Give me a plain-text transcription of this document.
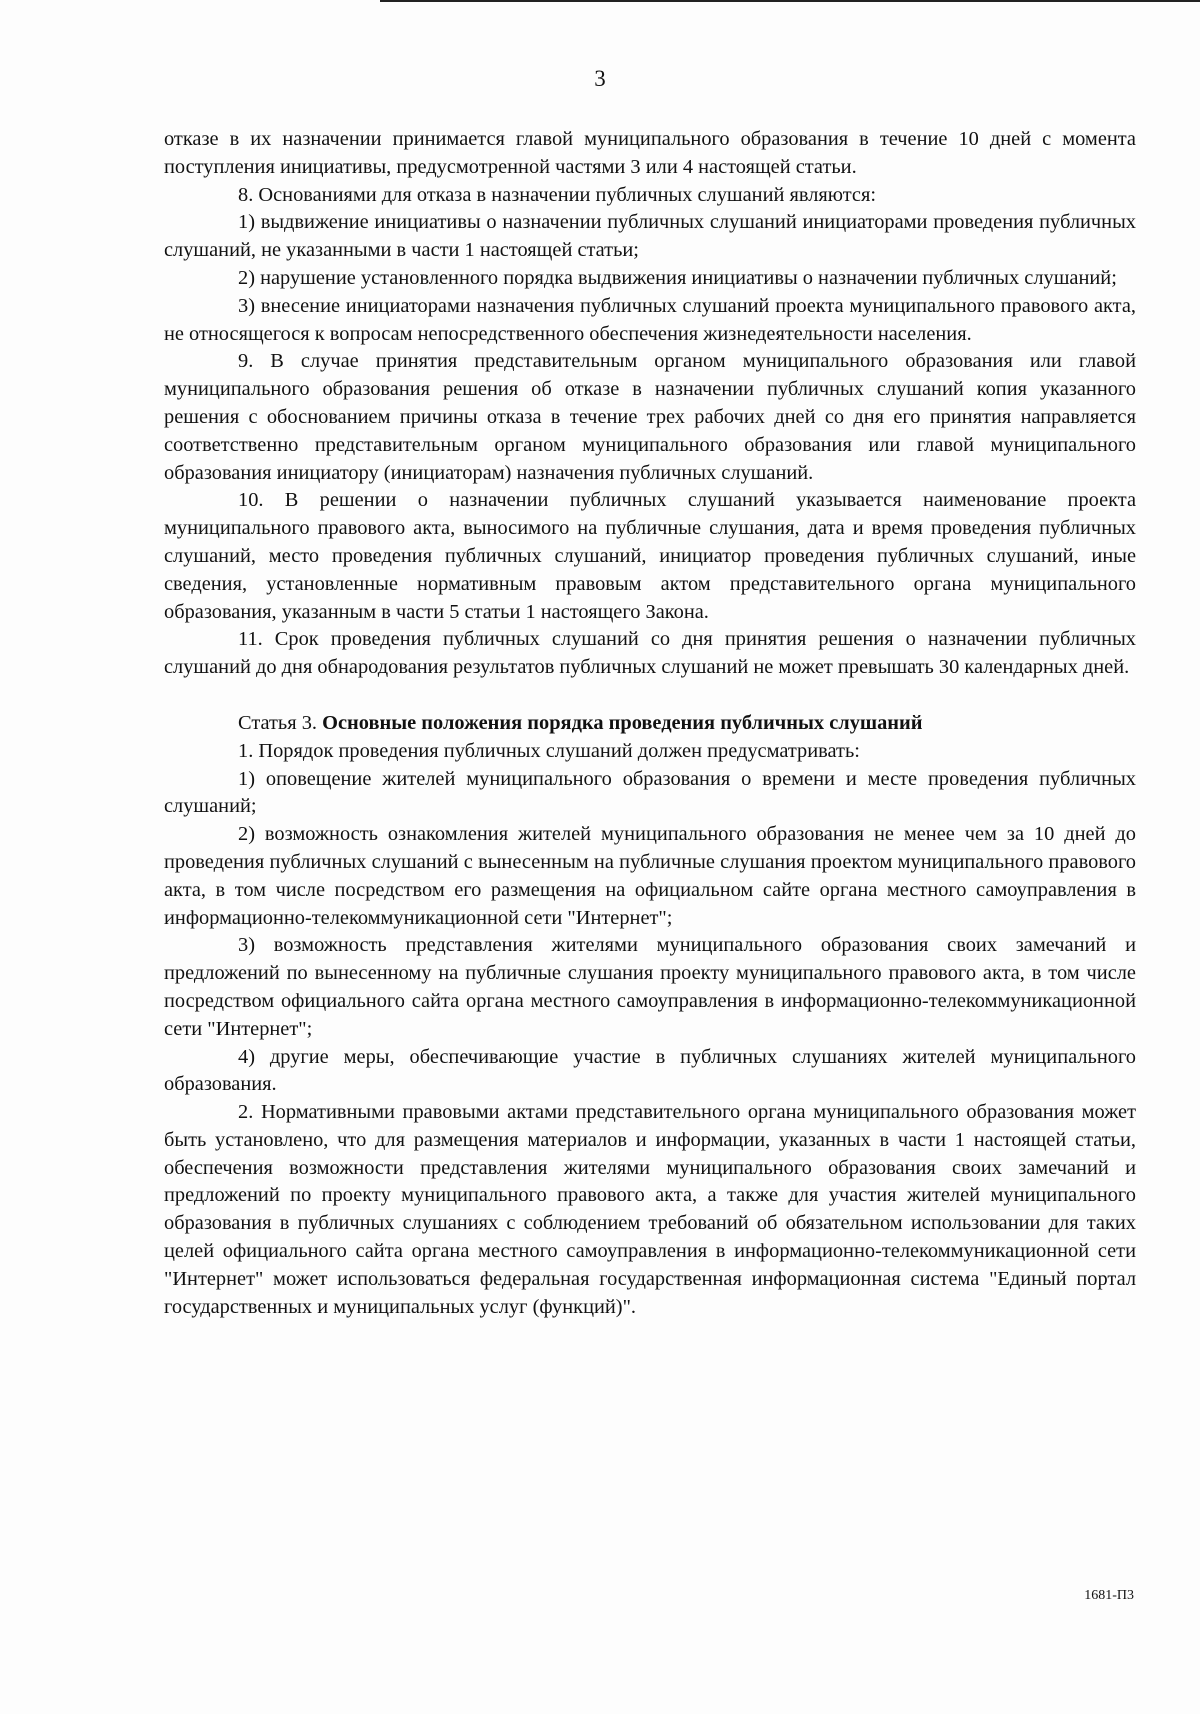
3

отказе в их назначении принимается главой муниципального образования в течение 10 дней с момента поступления инициативы, предусмотренной частями 3 или 4 настоящей статьи.

8. Основаниями для отказа в назначении публичных слушаний являются:

1) выдвижение инициативы о назначении публичных слушаний инициаторами проведения публичных слушаний, не указанными в части 1 настоящей статьи;

2) нарушение установленного порядка выдвижения инициативы о назначении публичных слушаний;

3) внесение инициаторами назначения публичных слушаний проекта муниципального правового акта, не относящегося к вопросам непосредственного обеспечения жизнедеятельности населения.

9. В случае принятия представительным органом муниципального образования или главой муниципального образования решения об отказе в назначении публичных слушаний копия указанного решения с обоснованием причины отказа в течение трех рабочих дней со дня его принятия направляется соответственно представительным органом муниципального образования или главой муниципального образования инициатору (инициаторам) назначения публичных слушаний.

10. В решении о назначении публичных слушаний указывается наименование проекта муниципального правового акта, выносимого на публичные слушания, дата и время проведения публичных слушаний, место проведения публичных слушаний, инициатор проведения публичных слушаний, иные сведения, установленные нормативным правовым актом представительного органа муниципального образования, указанным в части 5 статьи 1 настоящего Закона.

11. Срок проведения публичных слушаний со дня принятия решения о назначении публичных слушаний до дня обнародования результатов публичных слушаний не может превышать 30 календарных дней.

Статья 3. Основные положения порядка проведения публичных слушаний

1. Порядок проведения публичных слушаний должен предусматривать:

1) оповещение жителей муниципального образования о времени и месте проведения публичных слушаний;

2) возможность ознакомления жителей муниципального образования не менее чем за 10 дней до проведения публичных слушаний с вынесенным на публичные слушания проектом муниципального правового акта, в том числе посредством его размещения на официальном сайте органа местного самоуправления в информационно-телекоммуникационной сети "Интернет";

3) возможность представления жителями муниципального образования своих замечаний и предложений по вынесенному на публичные слушания проекту муниципального правового акта, в том числе посредством официального сайта органа местного самоуправления в информационно-телекоммуникационной сети "Интернет";

4) другие меры, обеспечивающие участие в публичных слушаниях жителей муниципального образования.

2. Нормативными правовыми актами представительного органа муниципального образования может быть установлено, что для размещения материалов и информации, указанных в части 1 настоящей статьи, обеспечения возможности представления жителями муниципального образования своих замечаний и предложений по проекту муниципального правового акта, а также для участия жителей муниципального образования в публичных слушаниях с соблюдением требований об обязательном использовании для таких целей официального сайта органа местного самоуправления в информационно-телекоммуникационной сети "Интернет" может использоваться федеральная государственная информационная система "Единый портал государственных и муниципальных услуг (функций)".

1681-П3
